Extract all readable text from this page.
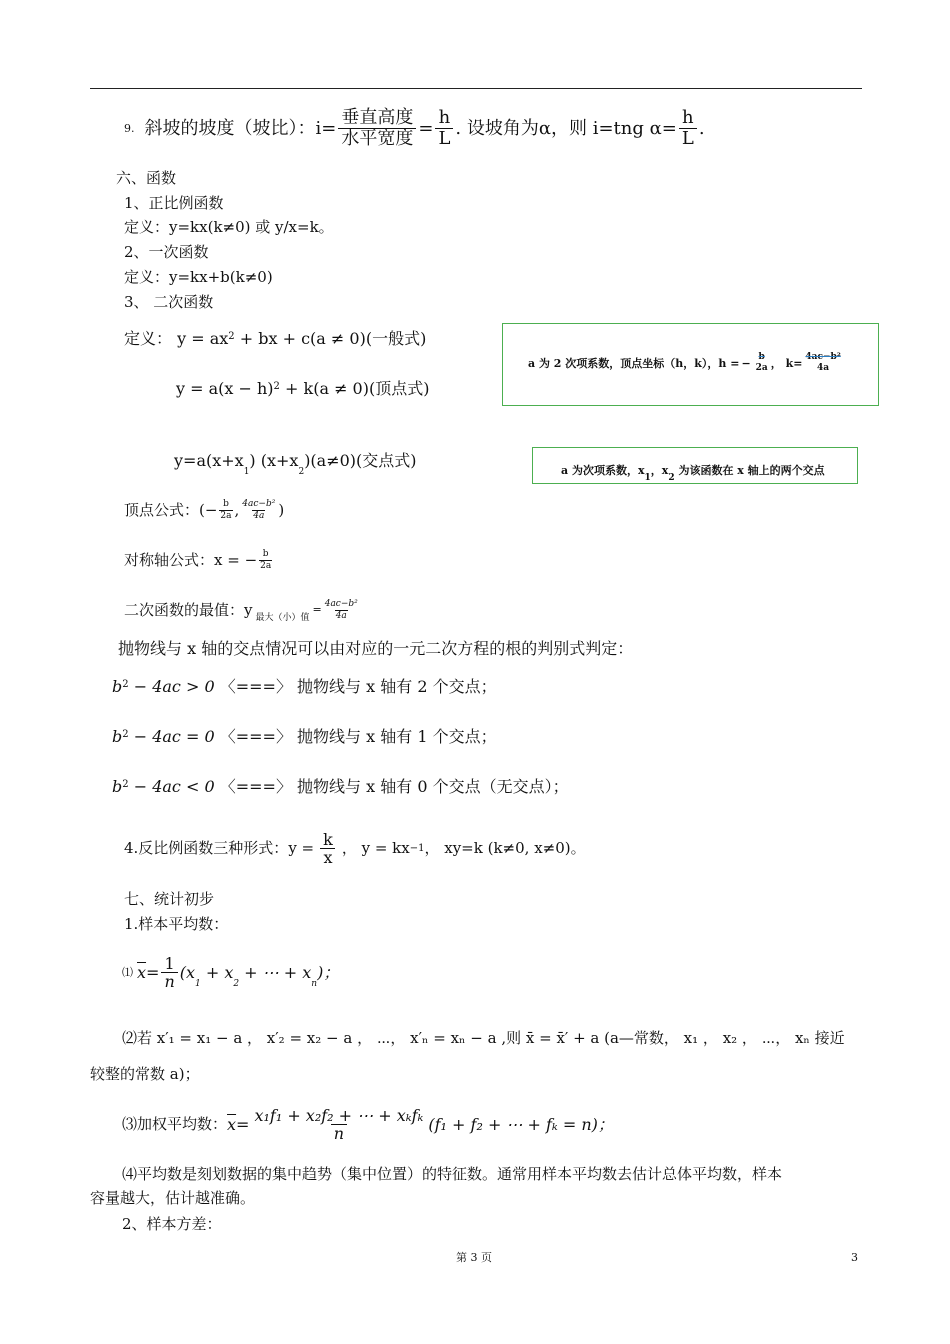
9. 斜坡的坡度（坡比）：$i= \frac{\text{垂直高度}}{\text{水平宽度}} = \frac{h}{L}$ . 设坡角为α，则 i=tng $\alpha= \frac{h}{L}$ .
六、函数
1、正比例函数
定义：y=kx(k≠0) 或 y/x=k。
2、一次函数
定义：y=kx+b(k≠0)
3、 二次函数
定义： $y = ax^2$ + bx + c(a ≠ 0)(一般式)
$y = a(x - h)^2 + k(a \ne 0)$(顶点式)
a 为 2 次项系数，顶点坐标（h，k），h = − b
2a ， k=
4ac−b²
4a
$y=a(x+x_1)$ $(x+x_2)(a\ne 0)$(交点式)
a 为次项系数，$x_1$，$x_2$ 为该函数在 x 轴上的两个交点
顶点公式：(− $\frac{b}{2a}$ , $\frac{\text{4ac−b²}}{4a}$ )
对称轴公式：x = − $\frac{b}{2a}$
二次函数的最值：y 最大（小）值
= $\frac{\text{4ac−b²}}{4a}$
抛物线与 x 轴的交点情况可以由对应的一元二次方程的根的判别式判定：
$b^2 - 4ac > 0$ 〈===〉 抛物线与 x 轴有 2 个交点；
$b^2 - 4ac = 0$ 〈===〉 抛物线与 x 轴有 1 个交点；
$b^2 - 4ac < 0$ 〈===〉 抛物线与 x 轴有 0 个交点（无交点）；
4.反比例函数三种形式：$y = \frac{k}{x}$ ， y = kx −1 ， xy=k (k≠0, x≠0)。
七、统计初步
1.样本平均数：
⑴ $\overline{x} = \frac{1}{n} (x_1 + x_2$ + ⋯ + $x_n$)；
⑵若 x′₁ = x₁ − a ， x′₂ = x₂ − a ， ⋯， x′ₙ = xₙ − a ,则 x̄ = x̄′ + a (a—常数， x₁ ， x₂ ， ⋯， xₙ 接近
较整的常数 a)；
⑶加权平均数： $\overline{x} = \frac{\text{x₁f₁ + x₂f₂ + ⋯ + xₖfₖ}}{n} (f_1 + f_2$ + ⋯ + fₖ = n)；
⑷平均数是刻划数据的集中趋势（集中位置）的特征数。通常用样本平均数去估计总体平均数，样本
容量越大，估计越准确。
2、样本方差：
第 3 页	3
